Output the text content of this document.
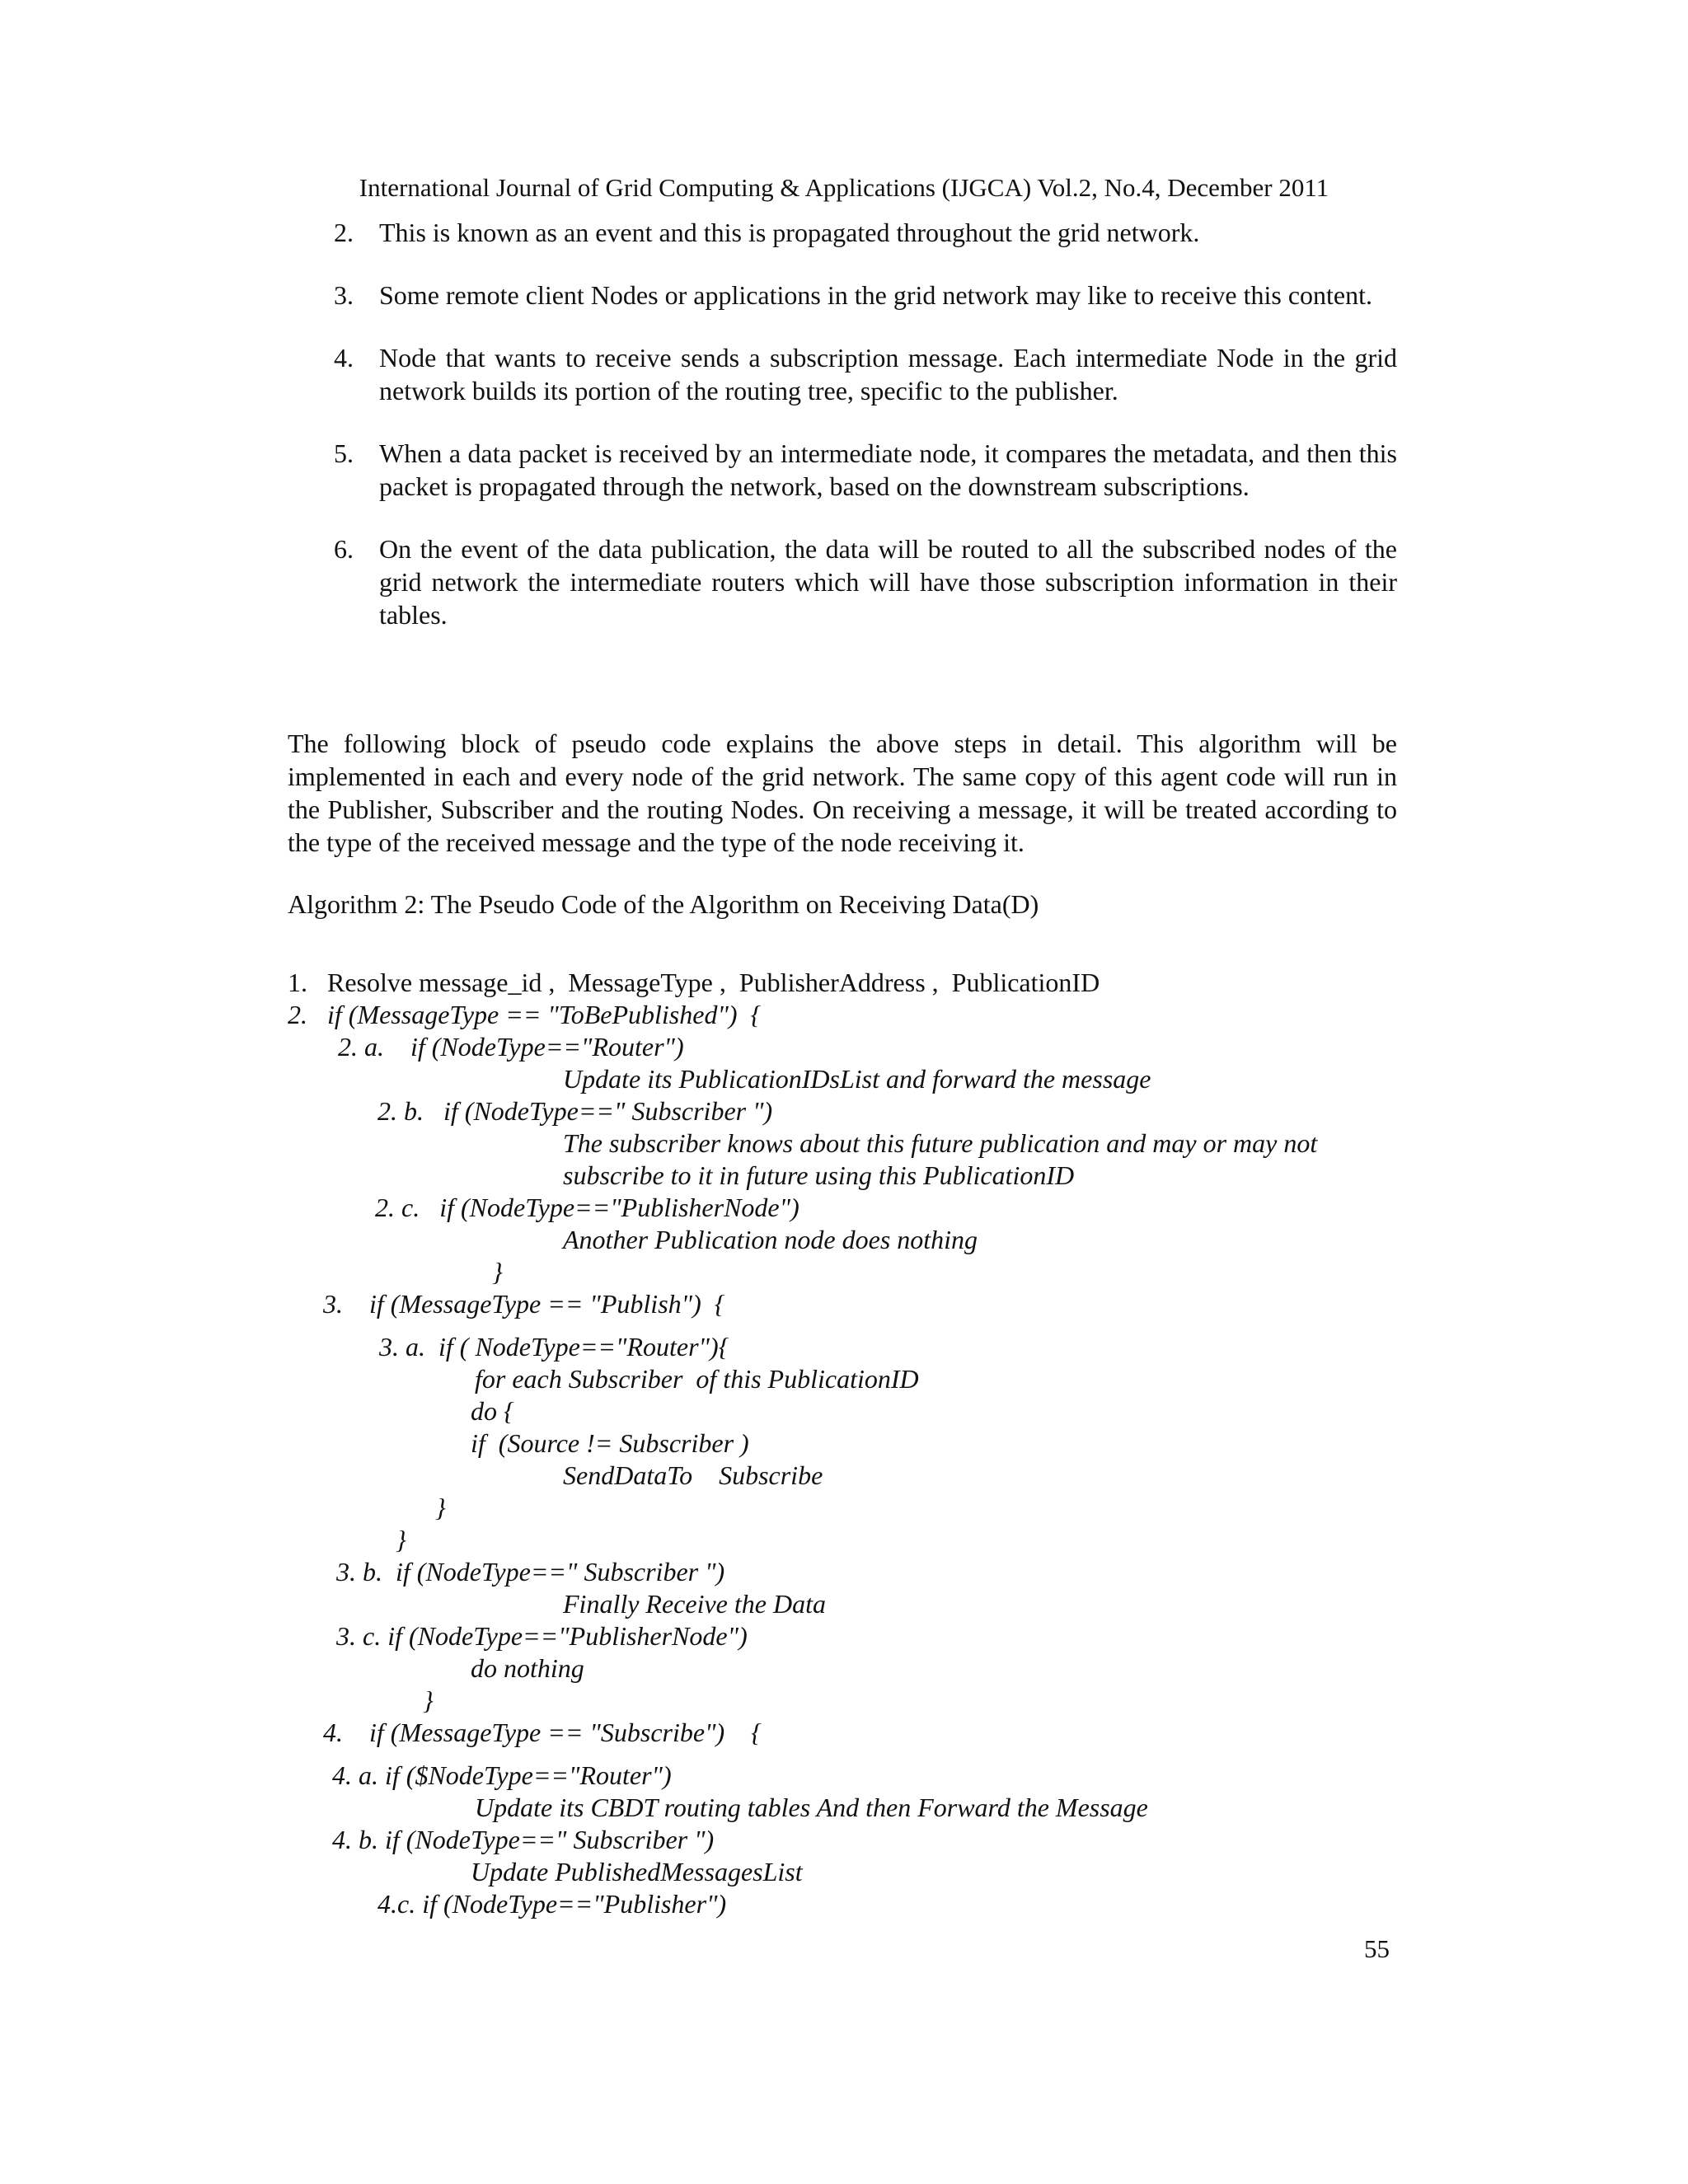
International Journal of Grid Computing & Applications (IJGCA) Vol.2, No.4, December 2011
2. This is known as an event and this is propagated throughout the grid network.
3. Some remote client Nodes or applications in the grid network may like to receive this content.
4. Node that wants to receive sends a subscription message. Each intermediate Node in the grid network builds its portion of the routing tree, specific to the publisher.
5. When a data packet is received by an intermediate node, it compares the metadata, and then this packet is propagated through the network, based on the downstream subscriptions.
6. On the event of the data publication, the data will be routed to all the subscribed nodes of the grid network the intermediate routers which will have those subscription information in their tables.

The following block of pseudo code explains the above steps in detail. This algorithm will be implemented in each and every node of the grid network. The same copy of this agent code will run in the Publisher, Subscriber and the routing Nodes. On receiving a message, it will be treated according to the type of the received message and the type of the node receiving it.

Algorithm 2: The Pseudo Code of the Algorithm on Receiving Data(D)

1.   Resolve message_id ,  MessageType ,  PublisherAddress ,  PublicationID
2.   if (MessageType == "ToBePublished")  {
2. a.    if (NodeType=="Router")
Update its PublicationIDsList and forward the message
2. b.   if (NodeType==" Subscriber ")
The subscriber knows about this future publication and may or may not
subscribe to it in future using this PublicationID
2. c.   if (NodeType=="PublisherNode")
Another Publication node does nothing
}
3.    if (MessageType == "Publish")  {
3. a.  if ( NodeType=="Router"){
for each Subscriber  of this PublicationID
do {
if  (Source != Subscriber )
SendDataTo    Subscribe
}
}
3. b.  if (NodeType==" Subscriber ")
Finally Receive the Data
3. c. if (NodeType=="PublisherNode")
do nothing
}
4.    if (MessageType == "Subscribe")    {
4. a. if ($NodeType=="Router")
Update its CBDT routing tables And then Forward the Message
4. b. if (NodeType==" Subscriber ")
Update PublishedMessagesList
4.c. if (NodeType=="Publisher")
55
